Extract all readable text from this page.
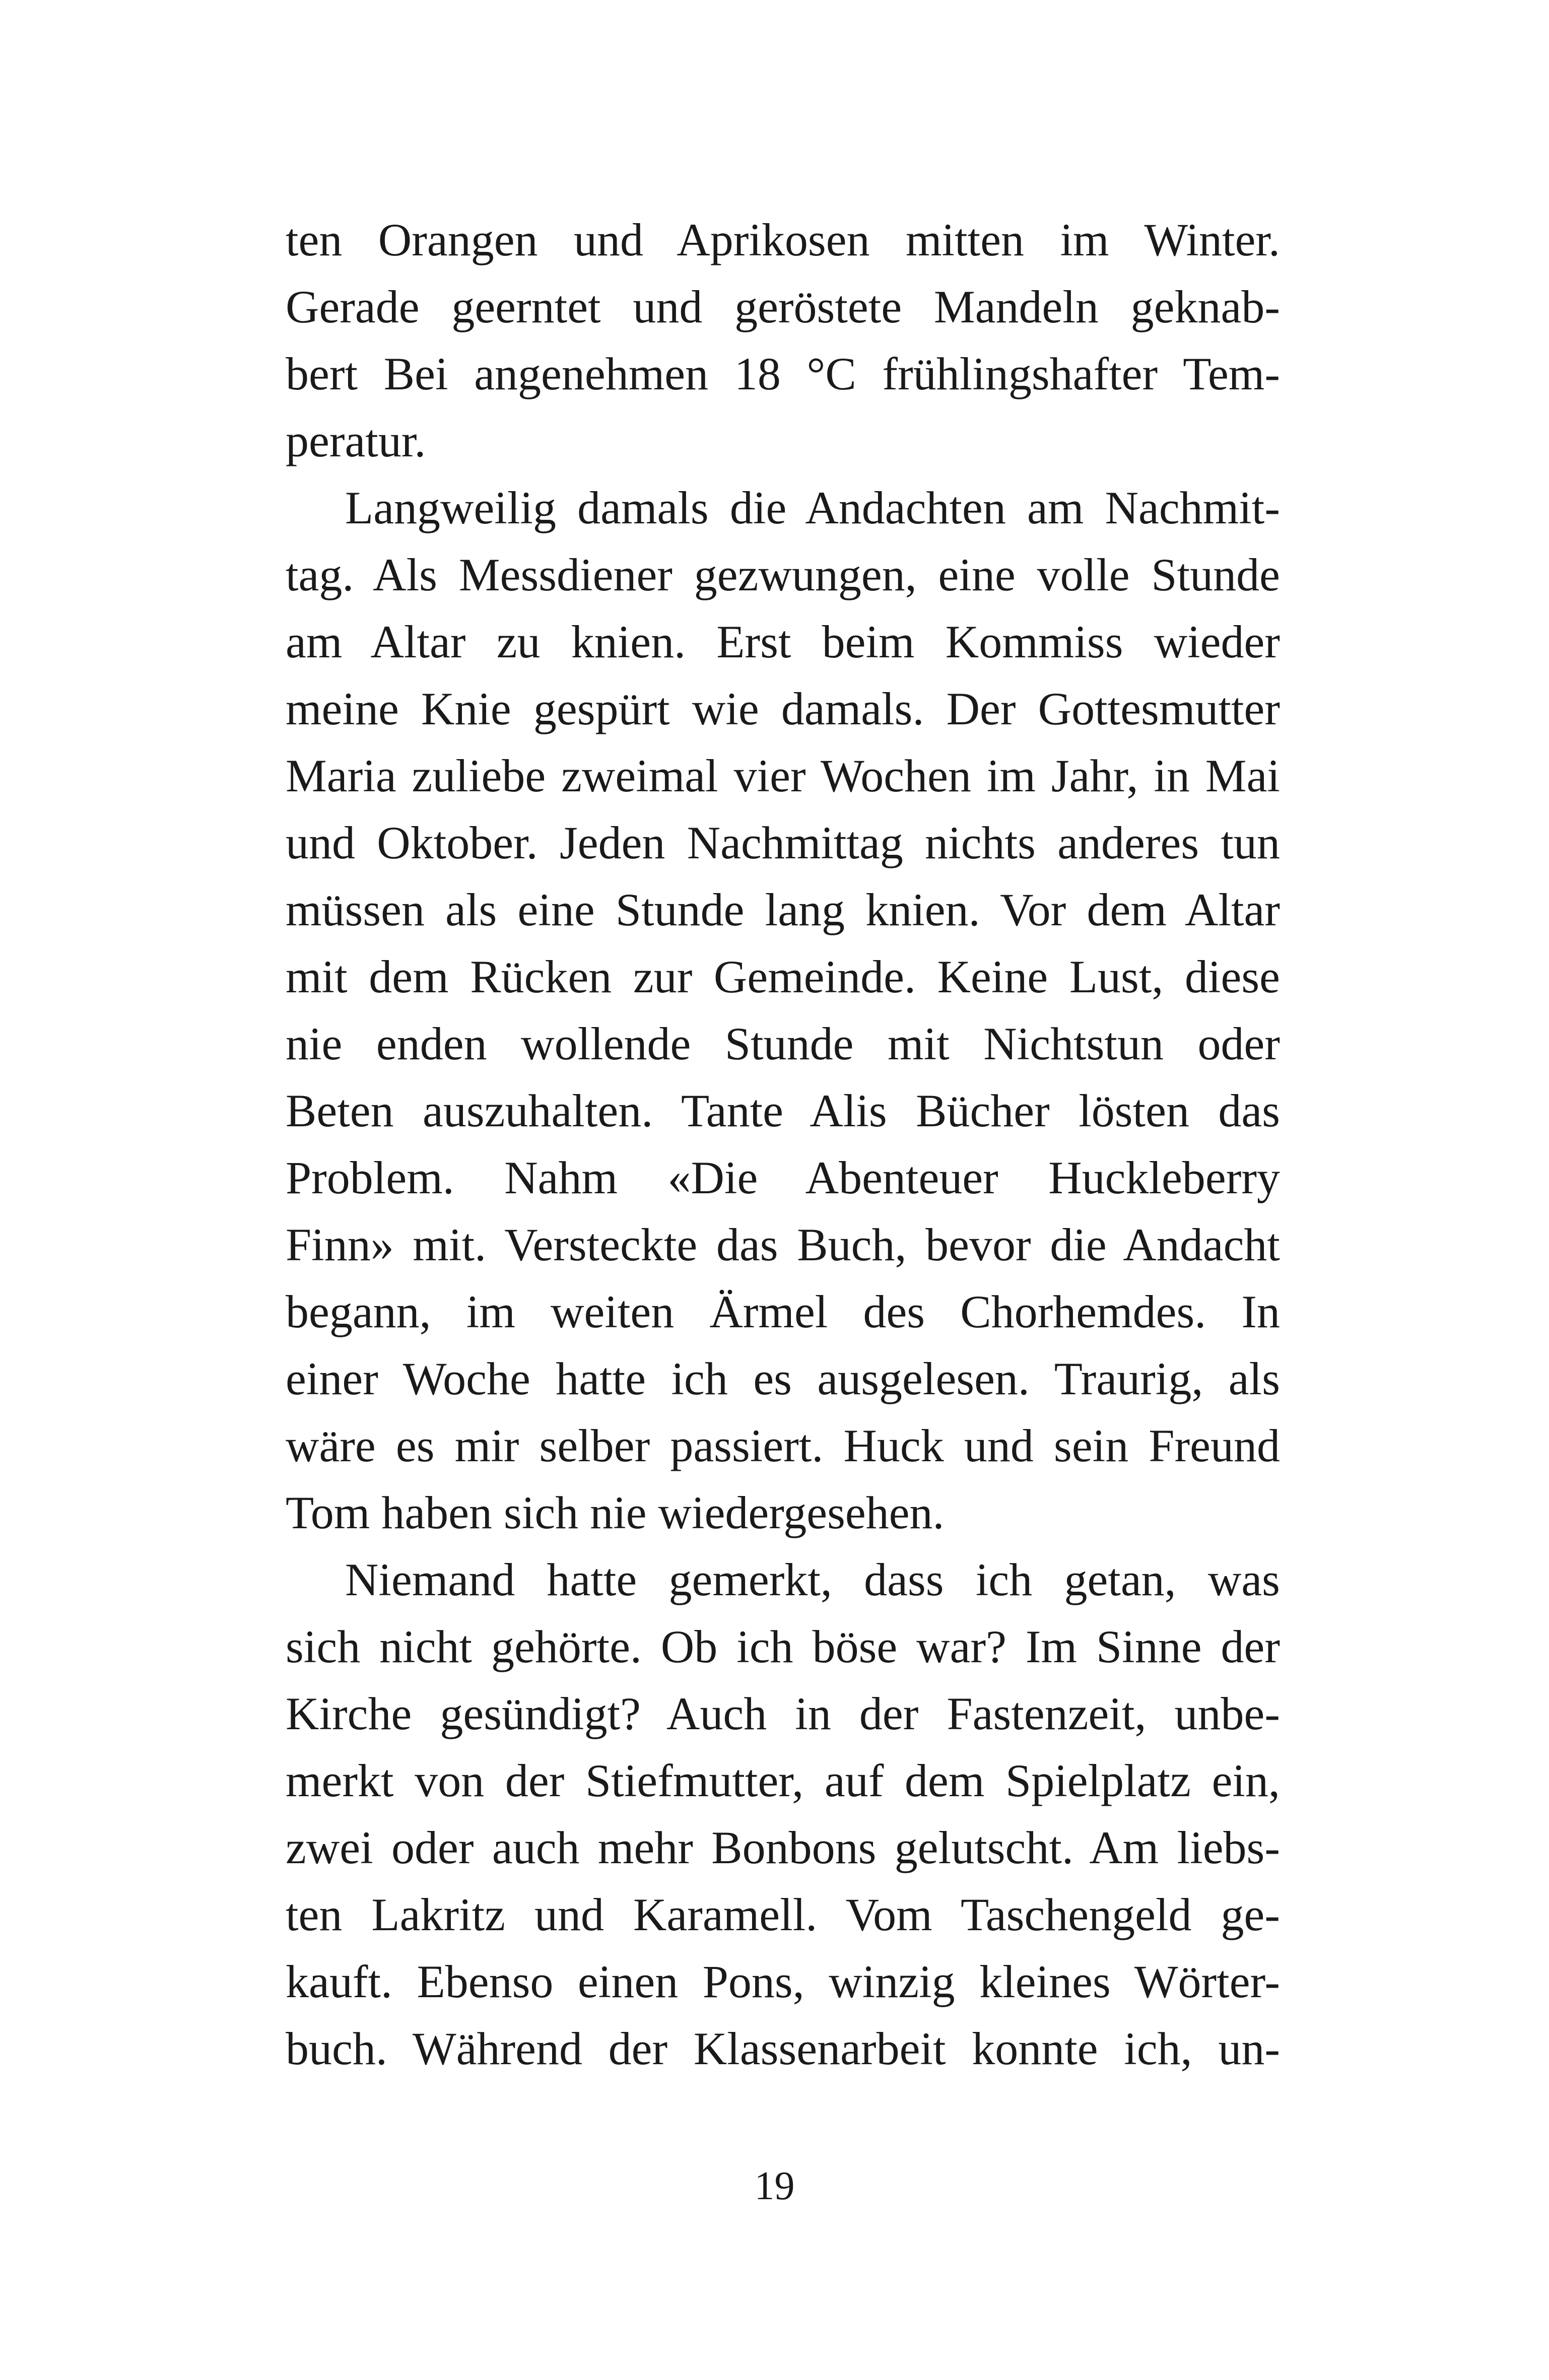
ten Orangen und Aprikosen mitten im Winter.
Gerade geerntet und geröstete Mandeln geknab-
bert Bei angenehmen 18 °C frühlingshafter Tem-
peratur.
Langweilig damals die Andachten am Nachmit-
tag. Als Messdiener gezwungen, eine volle Stunde
am Altar zu knien. Erst beim Kommiss wieder
meine Knie gespürt wie damals. Der Gottesmutter
Maria zuliebe zweimal vier Wochen im Jahr, in Mai
und Oktober. Jeden Nachmittag nichts anderes tun
müssen als eine Stunde lang knien. Vor dem Altar
mit dem Rücken zur Gemeinde. Keine Lust, diese
nie enden wollende Stunde mit Nichtstun oder
Beten auszuhalten. Tante Alis Bücher lösten das
Problem. Nahm «Die Abenteuer Huckleberry
Finn» mit. Versteckte das Buch, bevor die Andacht
begann, im weiten Ärmel des Chorhemdes. In
einer Woche hatte ich es ausgelesen. Traurig, als
wäre es mir selber passiert. Huck und sein Freund
Tom haben sich nie wiedergesehen.
Niemand hatte gemerkt, dass ich getan, was
sich nicht gehörte. Ob ich böse war? Im Sinne der
Kirche gesündigt? Auch in der Fastenzeit, unbe-
merkt von der Stiefmutter, auf dem Spielplatz ein,
zwei oder auch mehr Bonbons gelutscht. Am liebs-
ten Lakritz und Karamell. Vom Taschengeld ge-
kauft. Ebenso einen Pons, winzig kleines Wörter-
buch. Während der Klassenarbeit konnte ich, un-
19
